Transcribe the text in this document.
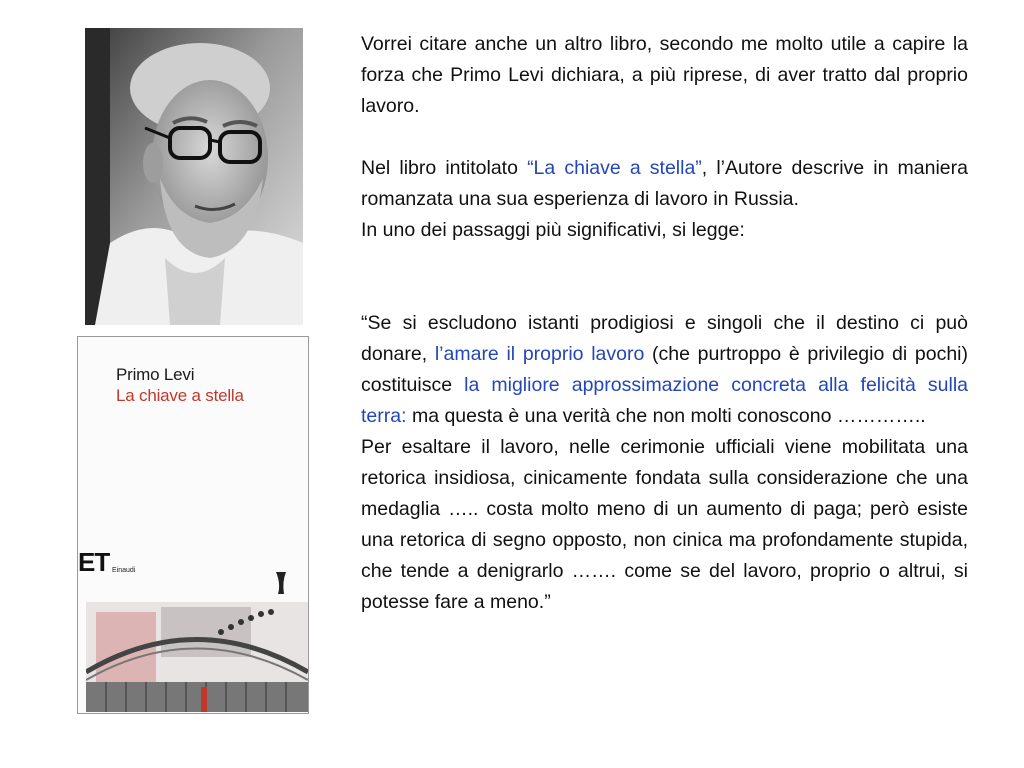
Primo Levi
La chiave a stella
ET Einaudi

Vorrei citare anche un altro libro, secondo me molto utile a capire la forza che Primo Levi dichiara, a più riprese, di aver tratto dal proprio lavoro.

Nel libro intitolato “La chiave a stella”, l’Autore descrive in maniera romanzata una sua esperienza di lavoro in Russia.

In uno dei passaggi più significativi, si legge:

“Se si escludono istanti prodigiosi e singoli che il destino ci può donare, l’amare il proprio lavoro (che purtroppo è privilegio di pochi) costituisce la migliore approssimazione concreta alla felicità sulla terra: ma questa è una verità che non molti conoscono …………..

Per esaltare il lavoro, nelle cerimonie ufficiali viene mobilitata una retorica insidiosa, cinicamente fondata sulla considerazione che una medaglia ….. costa molto meno di un aumento di paga; però esiste una retorica di segno opposto, non cinica ma profondamente stupida, che tende a denigrarlo ……. come se del lavoro, proprio o altrui, si potesse fare a meno.”
